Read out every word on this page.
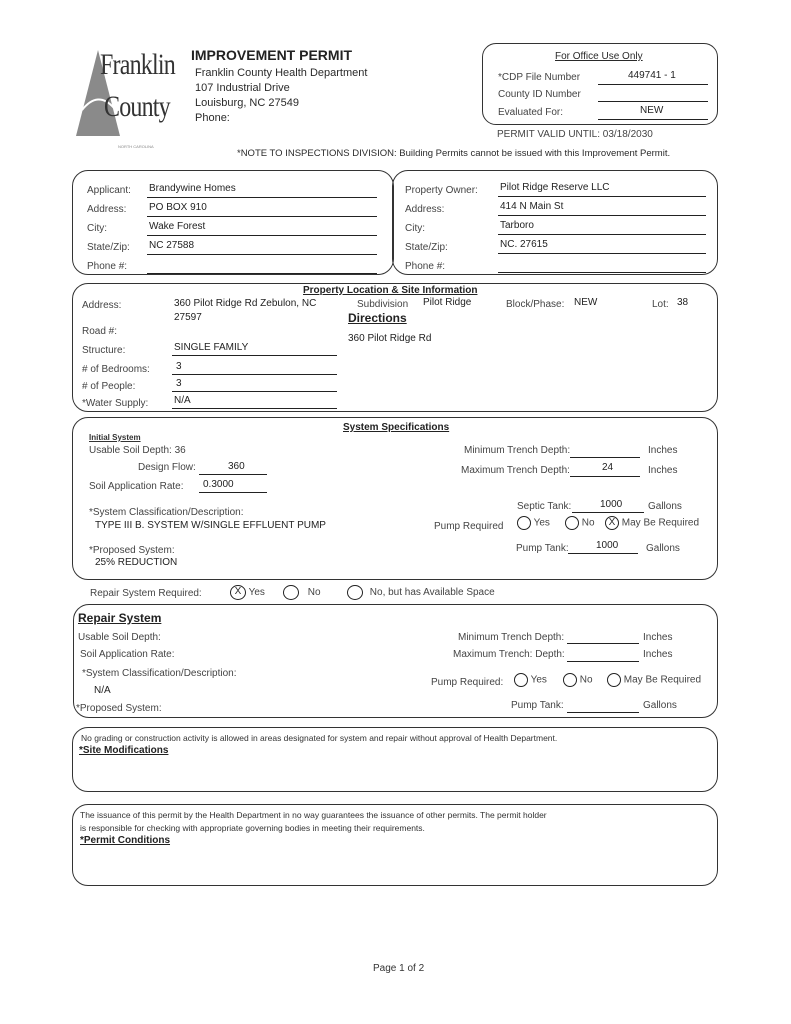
Franklin
County
NORTH CAROLINA
IMPROVEMENT PERMIT
Franklin County Health Department
107 Industrial Drive
Louisburg, NC 27549
Phone:
For Office Use Only
*CDP File Number	449741 - 1
County ID Number
Evaluated For:	NEW
PERMIT VALID UNTIL: 03/18/2030
*NOTE TO INSPECTIONS DIVISION: Building Permits cannot be issued with this Improvement Permit.
Applicant: Brandywine Homes
Address: PO BOX 910
City:	Wake Forest
State/Zip: NC 27588
Phone #:
Property Owner: Pilot Ridge Reserve LLC
Address:	414 N Main St
City:	Tarboro
State/Zip:	NC. 27615
Phone #:
Property Location & Site Information
Address:	360 Pilot Ridge Rd Zebulon, NC
27597
Road #:
Structure:	SINGLE FAMILY
# of Bedrooms:	3
# of People:	3
*Water Supply:	N/A
Subdivision Pilot Ridge	Block/Phase: NEW	Lot: 38
Directions
360 Pilot Ridge Rd
System Specifications
Initial System
Usable Soil Depth: 36
Design Flow:	360
Soil Application Rate: 0.3000
*System Classification/Description:
TYPE III B. SYSTEM W/SINGLE EFFLUENT PUMP
*Proposed System:
25% REDUCTION
Minimum Trench Depth:	Inches
Maximum Trench Depth:	24	Inches
Septic Tank:	1000	Gallons
Pump Required	Yes	No	X May Be Required
Pump Tank:	1000	Gallons
Repair System Required:	X Yes	No	No, but has Available Space
Repair System
Usable Soil Depth:
Soil Application Rate:
*System Classification/Description:
N/A
*Proposed System:
Minimum Trench Depth:	Inches
Maximum Trench: Depth:	Inches
Pump Required:	Yes	No	May Be Required
Pump Tank:	Gallons
No grading or construction activity is allowed in areas designated for system and repair without approval of Health Department.
*Site Modifications
The issuance of this permit by the Health Department in no way guarantees the issuance of other permits. The permit holder
is responsible for checking with appropriate governing bodies in meeting their requirements.
*Permit Conditions
Page 1 of 2
